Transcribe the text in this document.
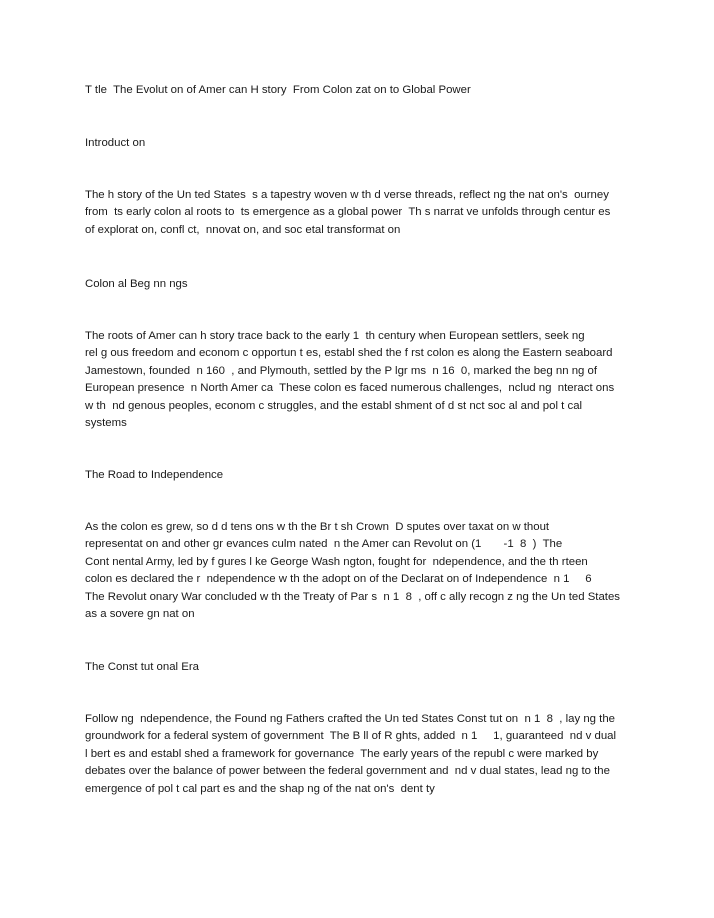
T tle  The Evolut on of Amer can H story  From Colon zat on to Global Power
Introduct on
The h story of the Un ted States  s a tapestry woven w th d verse threads, reflect ng the nat on's  ourney
from  ts early colon al roots to  ts emergence as a global power  Th s narrat ve unfolds through centur es
of explorat on, confl ct,  nnovat on, and soc etal transformat on
Colon al Beg nn ngs
The roots of Amer can h story trace back to the early 1  th century when European settlers, seek ng
rel g ous freedom and econom c opportun t es, establ shed the f rst colon es along the Eastern seaboard
Jamestown, founded  n 160  , and Plymouth, settled by the P lgr ms  n 16  0, marked the beg nn ng of
European presence  n North Amer ca  These colon es faced numerous challenges,  nclud ng  nteract ons
w th  nd genous peoples, econom c struggles, and the establ shment of d st nct soc al and pol t cal
systems
The Road to Independence
As the colon es grew, so d d tens ons w th the Br t sh Crown  D sputes over taxat on w thout
representat on and other gr evances culm nated  n the Amer can Revolut on (1       -1  8  )  The
Cont nental Army, led by f gures l ke George Wash ngton, fought for  ndependence, and the th rteen
colon es declared the r  ndependence w th the adopt on of the Declarat on of Independence  n 1     6
The Revolut onary War concluded w th the Treaty of Par s  n 1  8  , off c ally recogn z ng the Un ted States
as a sovere gn nat on
The Const tut onal Era
Follow ng  ndependence, the Found ng Fathers crafted the Un ted States Const tut on  n 1  8  , lay ng the
groundwork for a federal system of government  The B ll of R ghts, added  n 1     1, guaranteed  nd v dual
l bert es and establ shed a framework for governance  The early years of the republ c were marked by
debates over the balance of power between the federal government and  nd v dual states, lead ng to the
emergence of pol t cal part es and the shap ng of the nat on's  dent ty
